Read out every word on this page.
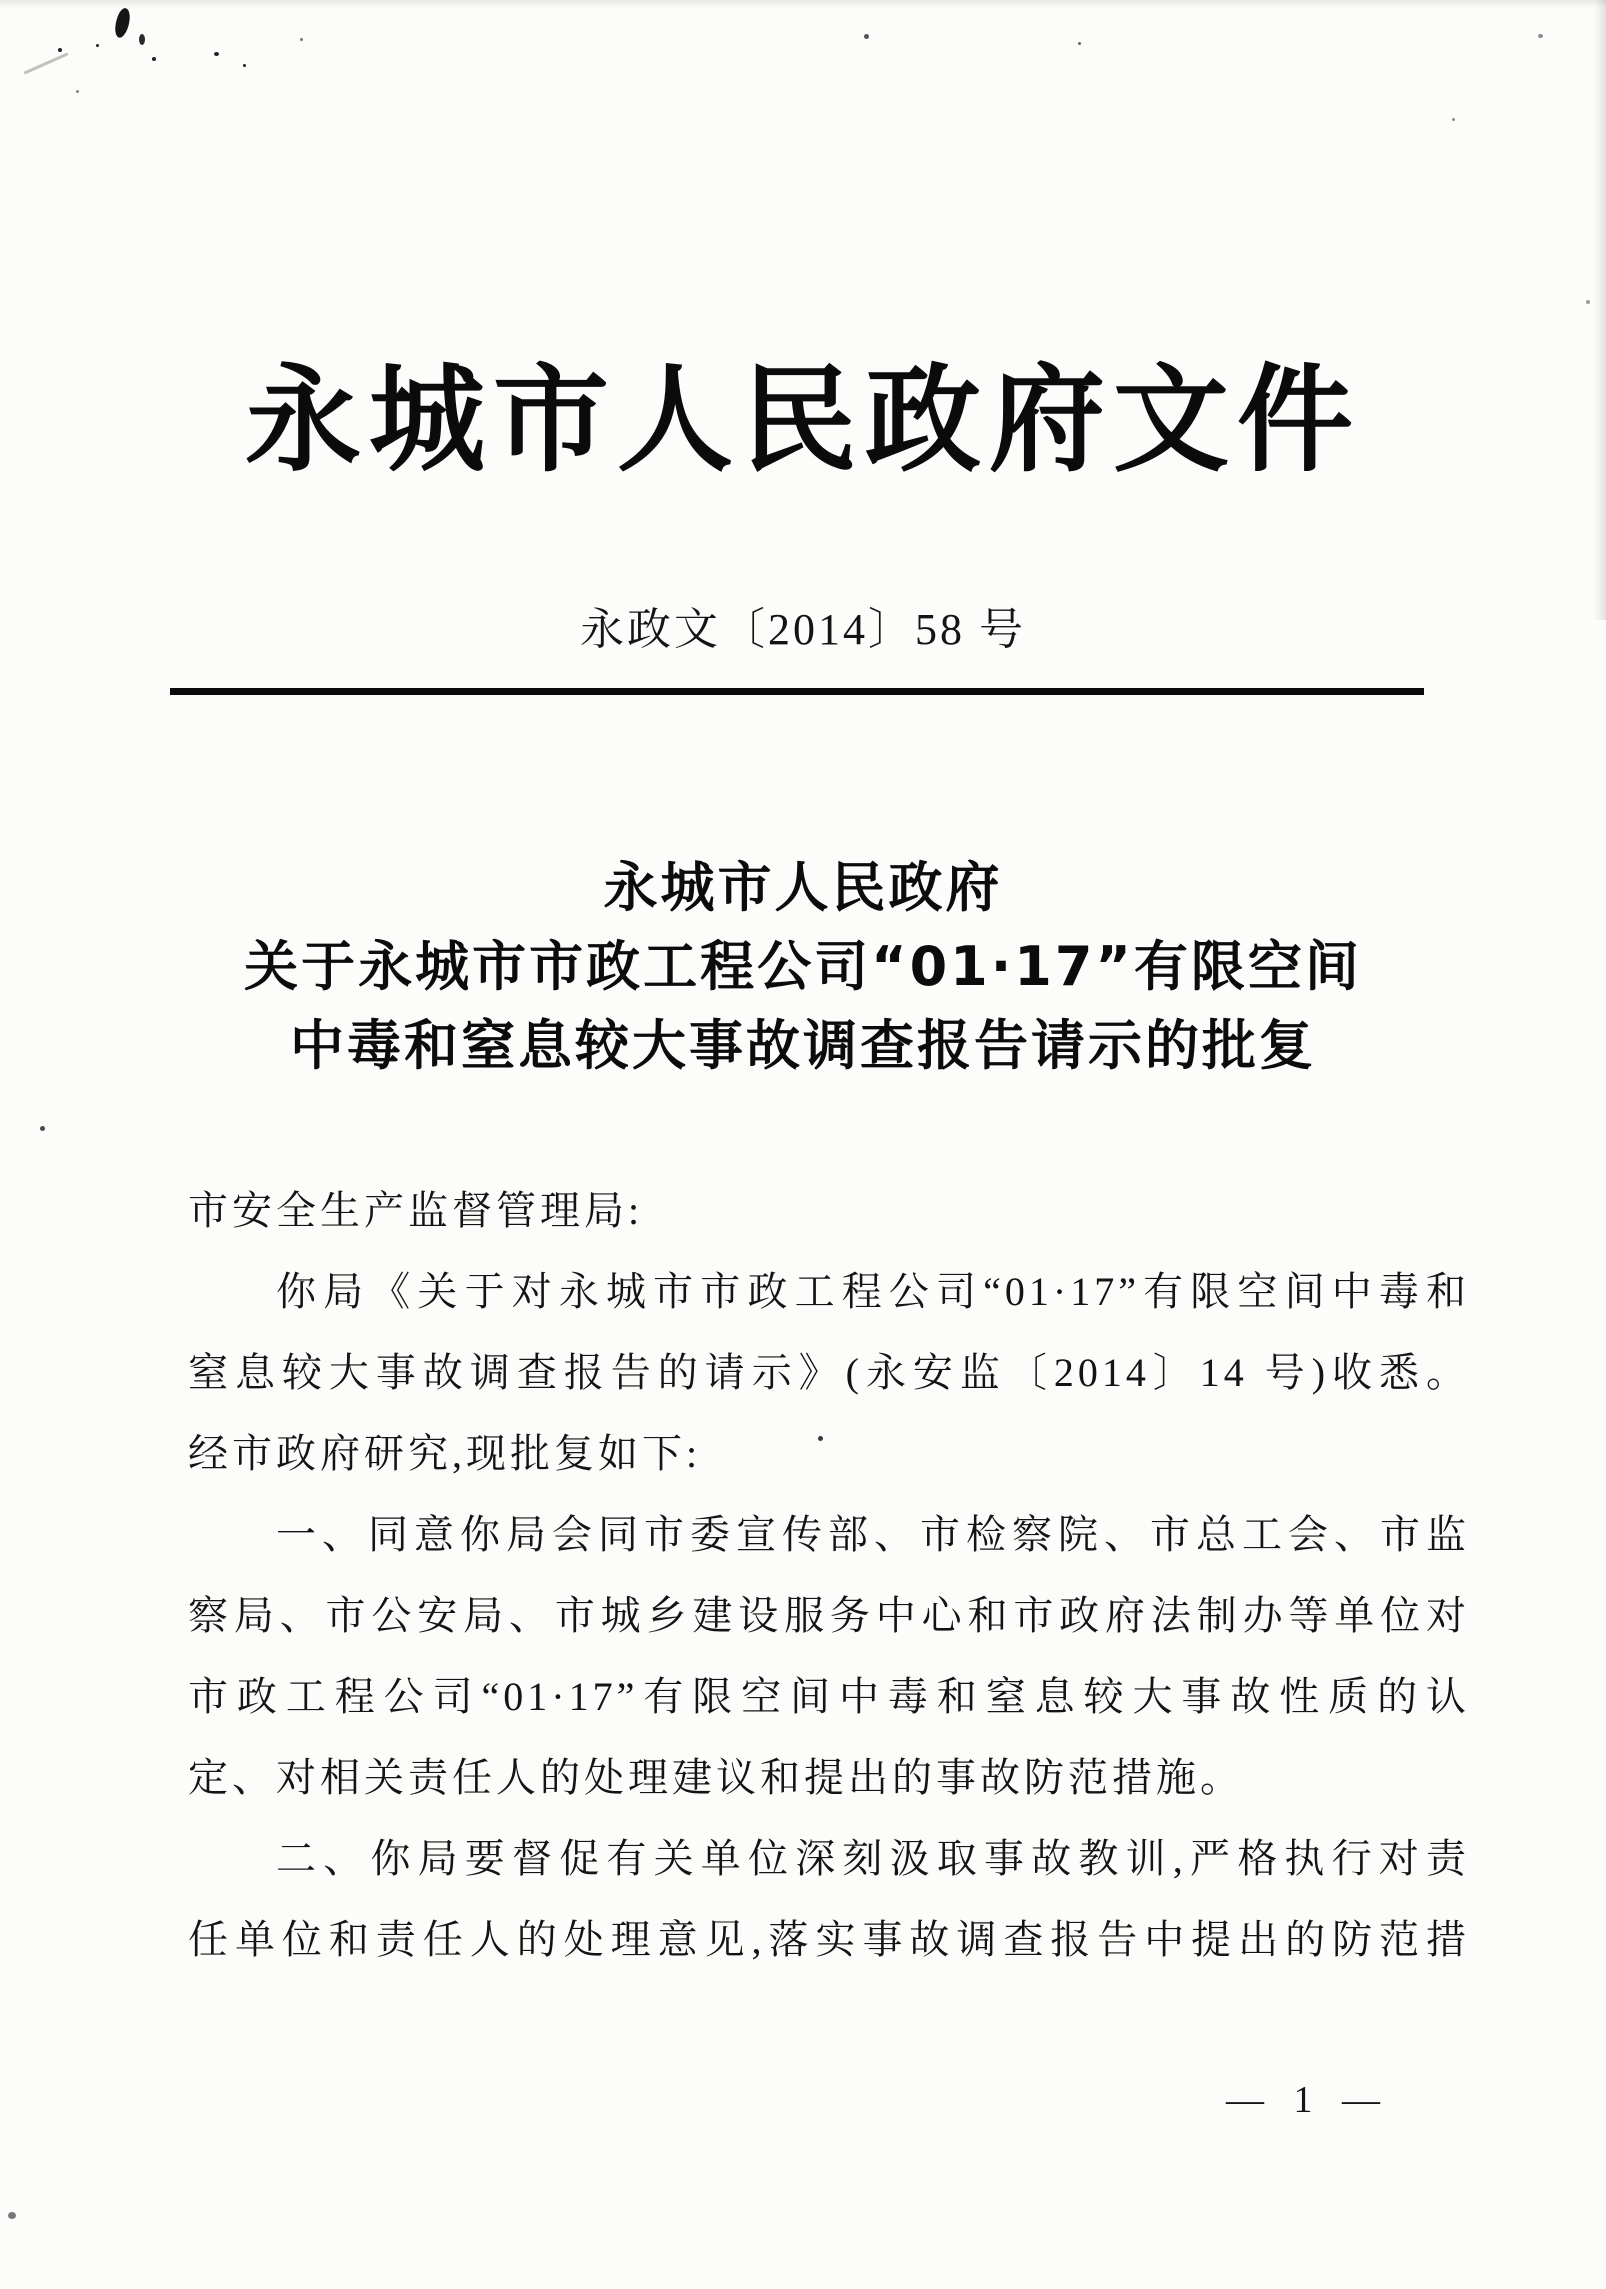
永城市人民政府文件
永政文〔2014〕58 号
永城市人民政府
关于永城市市政工程公司“01·17”有限空间
中毒和窒息较大事故调查报告请示的批复
市安全生产监督管理局:
你局《关于对永城市市政工程公司“01·17”有限空间中毒和
窒息较大事故调查报告的请示》(永安监〔2014〕14 号)收悉。
经市政府研究,现批复如下:
一、同意你局会同市委宣传部、市检察院、市总工会、市监
察局、市公安局、市城乡建设服务中心和市政府法制办等单位对
市政工程公司“01·17”有限空间中毒和窒息较大事故性质的认
定、对相关责任人的处理建议和提出的事故防范措施。
二、你局要督促有关单位深刻汲取事故教训,严格执行对责
任单位和责任人的处理意见,落实事故调查报告中提出的防范措
— 1 —
